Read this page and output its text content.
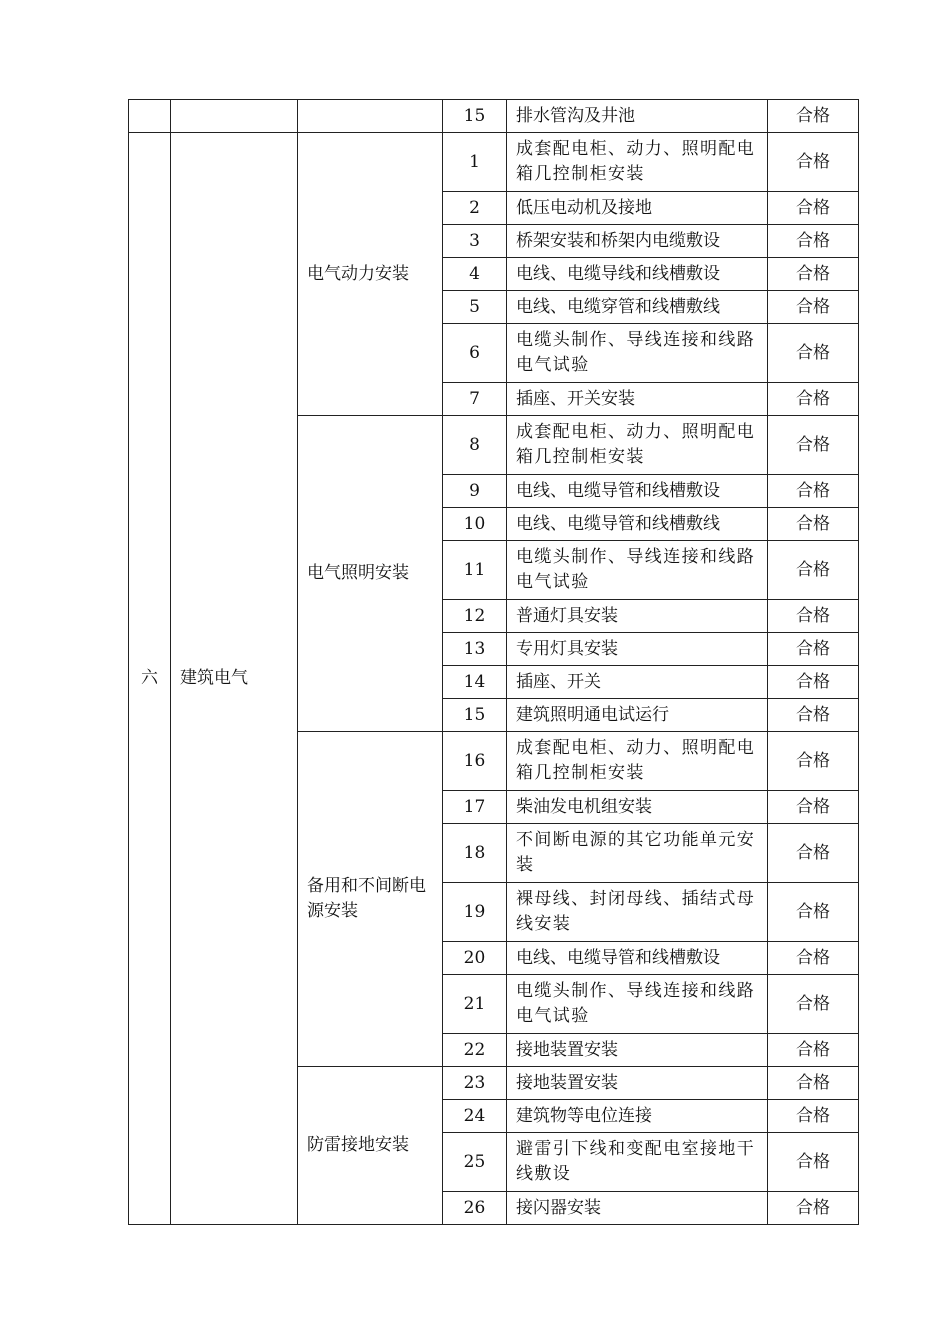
			15	排水管沟及井池	合格
六	建筑电气	电气动力安装	1	成套配电柜、动力、照明配电箱几控制柜安装	合格
			2	低压电动机及接地	合格
			3	桥架安装和桥架内电缆敷设	合格
			4	电线、电缆导线和线槽敷设	合格
			5	电线、电缆穿管和线槽敷线	合格
			6	电缆头制作、导线连接和线路电气试验	合格
			7	插座、开关安装	合格
		电气照明安装	8	成套配电柜、动力、照明配电箱几控制柜安装	合格
			9	电线、电缆导管和线槽敷设	合格
			10	电线、电缆导管和线槽敷线	合格
			11	电缆头制作、导线连接和线路电气试验	合格
			12	普通灯具安装	合格
			13	专用灯具安装	合格
			14	插座、开关	合格
			15	建筑照明通电试运行	合格
		备用和不间断电源安装	16	成套配电柜、动力、照明配电箱几控制柜安装	合格
			17	柴油发电机组安装	合格
			18	不间断电源的其它功能单元安装	合格
			19	裸母线、封闭母线、插结式母线安装	合格
			20	电线、电缆导管和线槽敷设	合格
			21	电缆头制作、导线连接和线路电气试验	合格
			22	接地装置安装	合格
		防雷接地安装	23	接地装置安装	合格
			24	建筑物等电位连接	合格
			25	避雷引下线和变配电室接地干线敷设	合格
			26	接闪器安装	合格
